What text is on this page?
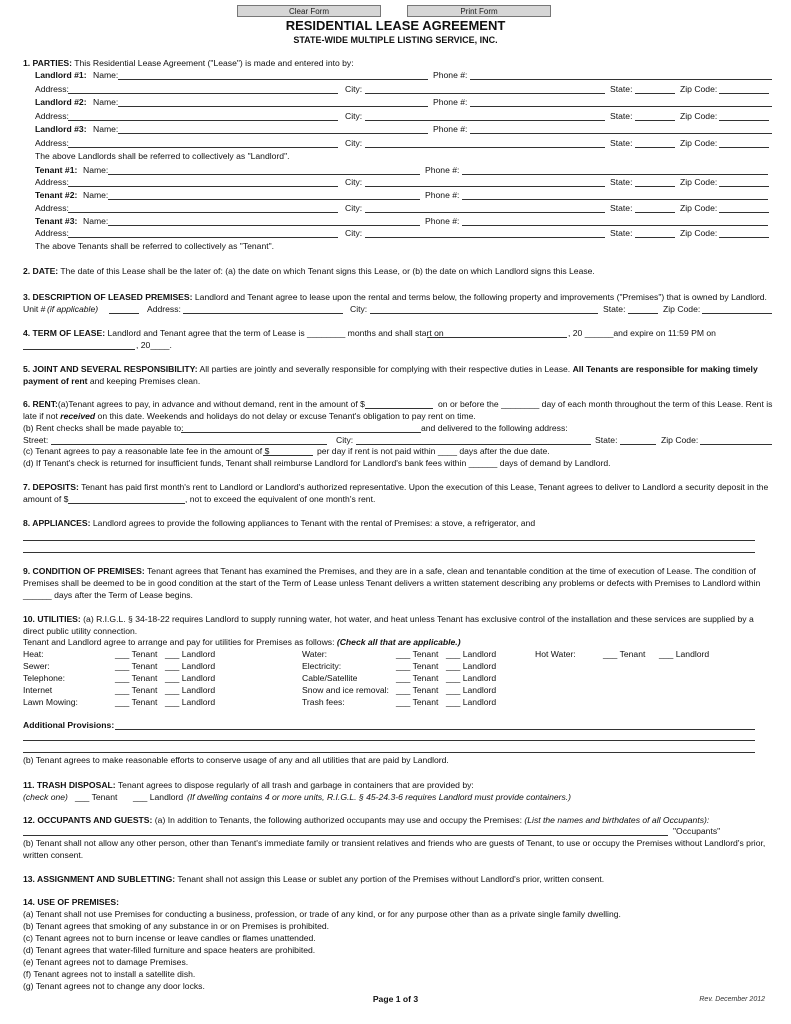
Clear Form	Print Form
RESIDENTIAL LEASE AGREEMENT
STATE-WIDE MULTIPLE LISTING SERVICE, INC.
1. PARTIES: This Residential Lease Agreement ("Lease") is made and entered into by:
Landlord #1: Name:	Phone #:
Address:	City:	State:	Zip Code:
Landlord #2: Name:	Phone #:
Address:	City:	State:	Zip Code:
Landlord #3: Name:	Phone #:
Address:	City:	State:	Zip Code:
The above Landlords shall be referred to collectively as "Landlord".
Tenant #1: Name:	Phone #:
Address:	City:	State:	Zip Code:
Tenant #2: Name:	Phone #:
Address:	City:	State:	Zip Code:
Tenant #3: Name:	Phone #:
Address:	City:	State:	Zip Code:
The above Tenants shall be referred to collectively as "Tenant".
2. DATE: The date of this Lease shall be the later of: (a) the date on which Tenant signs this Lease, or (b) the date on which Landlord signs this Lease.
3. DESCRIPTION OF LEASED PREMISES: Landlord and Tenant agree to lease upon the rental and terms below, the following property and improvements ("Premises") that is owned by Landlord.
Unit # (if applicable)	Address:	City:	State:	Zip Code:
4. TERM OF LEASE: Landlord and Tenant agree that the term of Lease is ________ months and shall start on	, 20 ______and expire on 11:59 PM on
, 20____.
5. JOINT AND SEVERAL RESPONSIBILITY: All parties are jointly and severally responsible for complying with their respective duties in Lease. All Tenants are responsible for making timely
payment of rent and keeping Premises clean.
6. RENT:(a)Tenant agrees to pay, in advance and without demand, rent in the amount of $	on or before the ________ day of each month throughout the term of this Lease. Rent is
late if not received on this date. Weekends and holidays do not delay or excuse Tenant's obligation to pay rent on time.
(b) Rent checks shall be made payable to:	and delivered to the following address:
Street:	City:	State:	Zip Code:
(c) Tenant agrees to pay a reasonable late fee in the amount of $	per day if rent is not paid within ____ days after the due date.
(d) If Tenant's check is returned for insufficient funds, Tenant shall reimburse Landlord for Landlord's bank fees within ______ days of demand by Landlord.
7. DEPOSITS: Tenant has paid first month's rent to Landlord or Landlord's authorized representative. Upon the execution of this Lease, Tenant agrees to deliver to Landlord a security deposit in the
amount of $	, not to exceed the equivalent of one month's rent.
8. APPLIANCES: Landlord agrees to provide the following appliances to Tenant with the rental of Premises: a stove, a refrigerator, and
9. CONDITION OF PREMISES: Tenant agrees that Tenant has examined the Premises, and they are in a safe, clean and tenantable condition at the time of execution of Lease. The condition of
Premises shall be deemed to be in good condition at the start of the Term of Lease unless Tenant delivers a written statement describing any problems or defects with Premises to Landlord within
______ days after the Term of Lease begins.
10. UTILITIES: (a) R.I.G.L. § 34-18-22 requires Landlord to supply running water, hot water, and heat unless Tenant has exclusive control of the installation and these services are supplied by a
direct public utility connection.
Tenant and Landlord agree to arrange and pay for utilities for Premises as follows: (Check all that are applicable.)
Heat:	___ Tenant ___ Landlord	Water:	___ Tenant ___ Landlord	Hot Water:	___ Tenant ___ Landlord
Sewer:	___ Tenant ___ Landlord	Electricity:	___ Tenant ___ Landlord
Telephone:	___ Tenant ___ Landlord	Cable/Satellite	___ Tenant ___ Landlord
Internet	___ Tenant ___ Landlord	Snow and ice removal: ___ Tenant ___ Landlord
Lawn Mowing:	___ Tenant ___ Landlord	Trash fees:	___ Tenant ___ Landlord
Additional Provisions:
(b) Tenant agrees to make reasonable efforts to conserve usage of any and all utilities that are paid by Landlord.
11. TRASH DISPOSAL: Tenant agrees to dispose regularly of all trash and garbage in containers that are provided by:
(check one) ___ Tenant ___ Landlord (If dwelling contains 4 or more units, R.I.G.L. § 45-24.3-6 requires Landlord must provide containers.)
12. OCCUPANTS AND GUESTS: (a) In addition to Tenants, the following authorized occupants may use and occupy the Premises: (List the names and birthdates of all Occupants):
"Occupants"
(b) Tenant shall not allow any other person, other than Tenant's immediate family or transient relatives and friends who are guests of Tenant, to use or occupy the Premises without Landlord's prior,
written consent.
13. ASSIGNMENT AND SUBLETTING: Tenant shall not assign this Lease or sublet any portion of the Premises without Landlord's prior, written consent.
14. USE OF PREMISES:
(a) Tenant shall not use Premises for conducting a business, profession, or trade of any kind, or for any purpose other than as a private single family dwelling.
(b) Tenant agrees that smoking of any substance in or on Premises is prohibited.
(c) Tenant agrees not to burn incense or leave candles or flames unattended.
(d) Tenant agrees that water-filled furniture and space heaters are prohibited.
(e) Tenant agrees not to damage Premises.
(f) Tenant agrees not to install a satellite dish.
(g) Tenant agrees not to change any door locks.
Page 1 of 3	Rev. December 2012
